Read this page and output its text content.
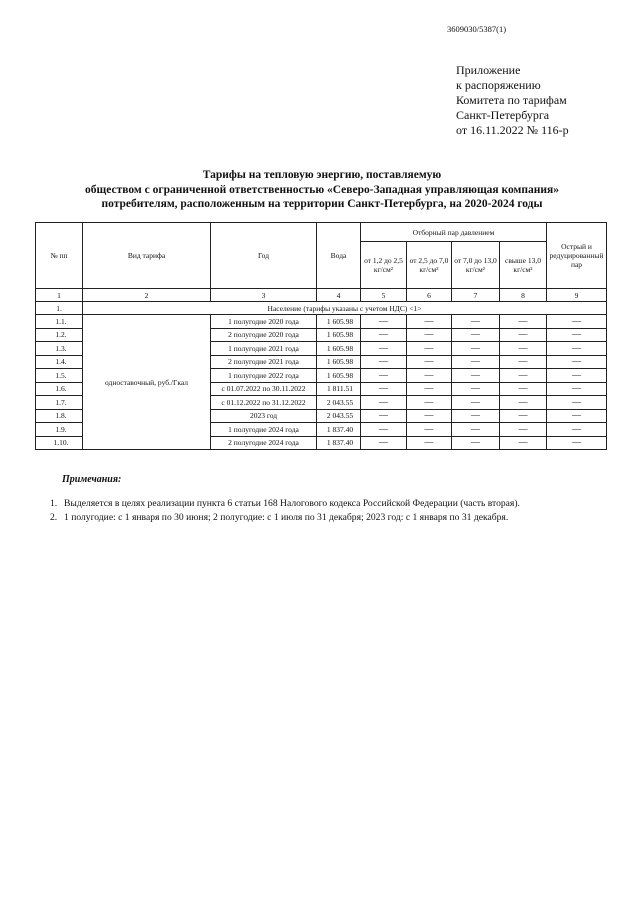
3609030/5387(1)
Приложение
к распоряжению
Комитета по тарифам
Санкт-Петербурга
от 16.11.2022 № 116-р
Тарифы на тепловую энергию, поставляемую
обществом с ограниченной ответственностью «Северо-Западная управляющая компания»
потребителям, расположенным на территории Санкт-Петербурга, на 2020-2024 годы
№ пп	Вид тарифа	Год	Вода	Отборный пар давлением				Острый и редуцированный пар
				от 1,2 до 2,5 кг/см²	от 2,5 до 7,0 кг/см²	от 7,0 до 13,0 кг/см²	свыше 13,0 кг/см²	
1	2	3	4	5	6	7	8	9
1.	Население (тарифы указаны с учетом НДС) <1>							
1.1.	одноставочный, руб./Гкал	1 полугодие 2020 года	1 605.98	—	—	—	—	—
1.2.		2 полугодие 2020 года	1 605.98	—	—	—	—	—
1.3.		1 полугодие 2021 года	1 605.98	—	—	—	—	—
1.4.		2 полугодие 2021 года	1 605.98	—	—	—	—	—
1.5.		1 полугодие 2022 года	1 605.98	—	—	—	—	—
1.6.		с 01.07.2022 по 30.11.2022	1 811.51	—	—	—	—	—
1.7.		с 01.12.2022 по 31.12.2022	2 043.55	—	—	—	—	—
1.8.		2023 год	2 043.55	—	—	—	—	—
1.9.		1 полугодие 2024 года	1 837.40	—	—	—	—	—
1.10.		2 полугодие 2024 года	1 837.40	—	—	—	—	—
Примечания:
1. Выделяется в целях реализации пункта 6 статьи 168 Налогового кодекса Российской Федерации (часть вторая).
2. 1 полугодие: с 1 января по 30 июня; 2 полугодие: с 1 июля по 31 декабря; 2023 год: с 1 января по 31 декабря.
